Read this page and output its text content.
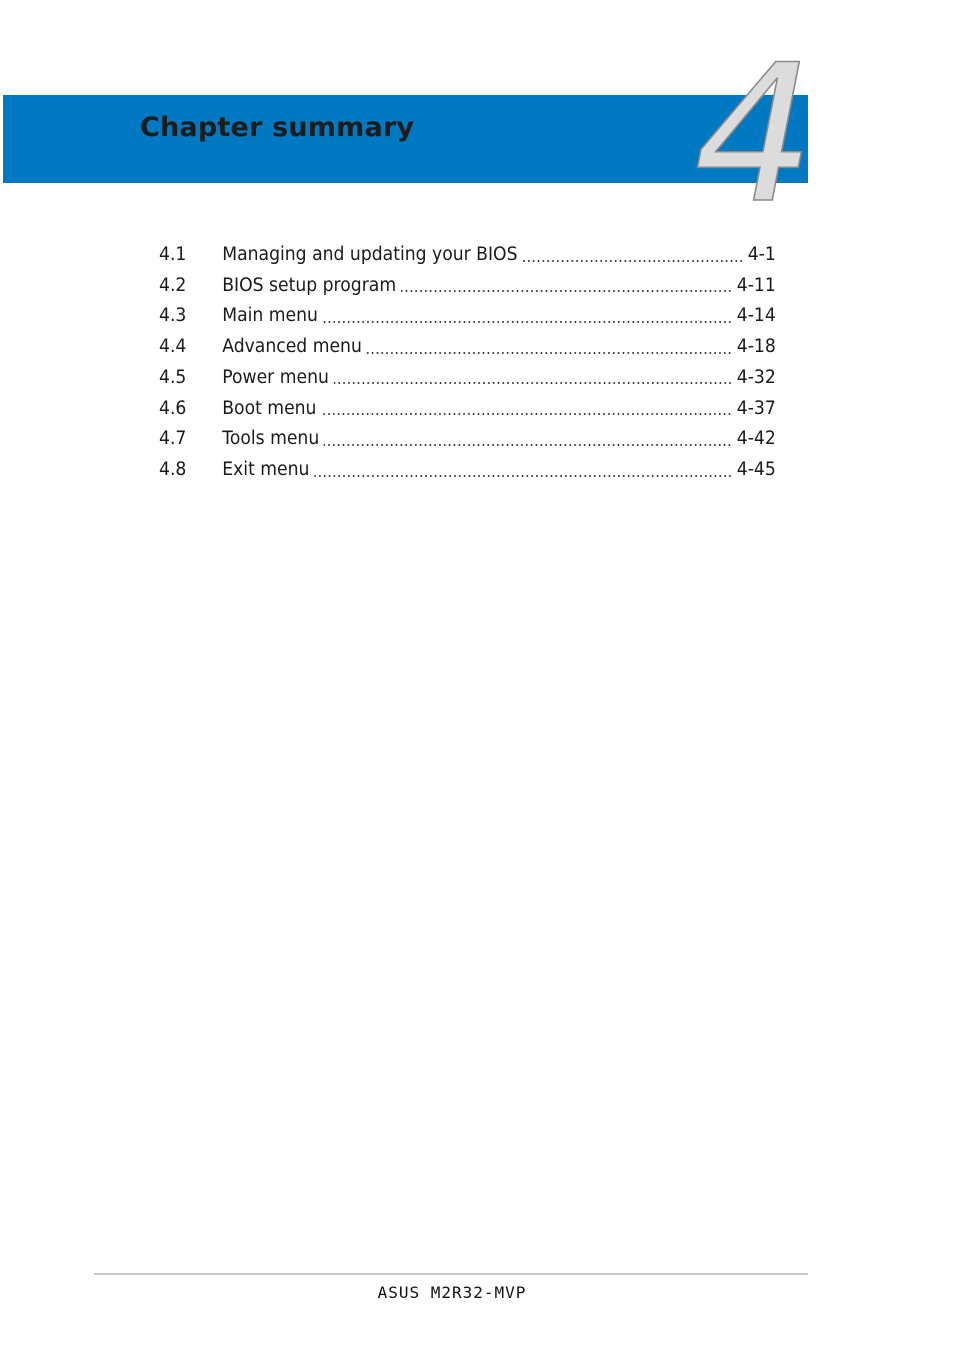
Chapter summary 4
4.1	Managing and updating your BIOS	4-1
4.2	BIOS setup program	4-11
4.3	Main menu	4-14
4.4	Advanced menu	4-18
4.5	Power menu	4-32
4.6	Boot menu	4-37
4.7	Tools menu	4-42
4.8	Exit menu	4-45
ASUS M2R32-MVP
